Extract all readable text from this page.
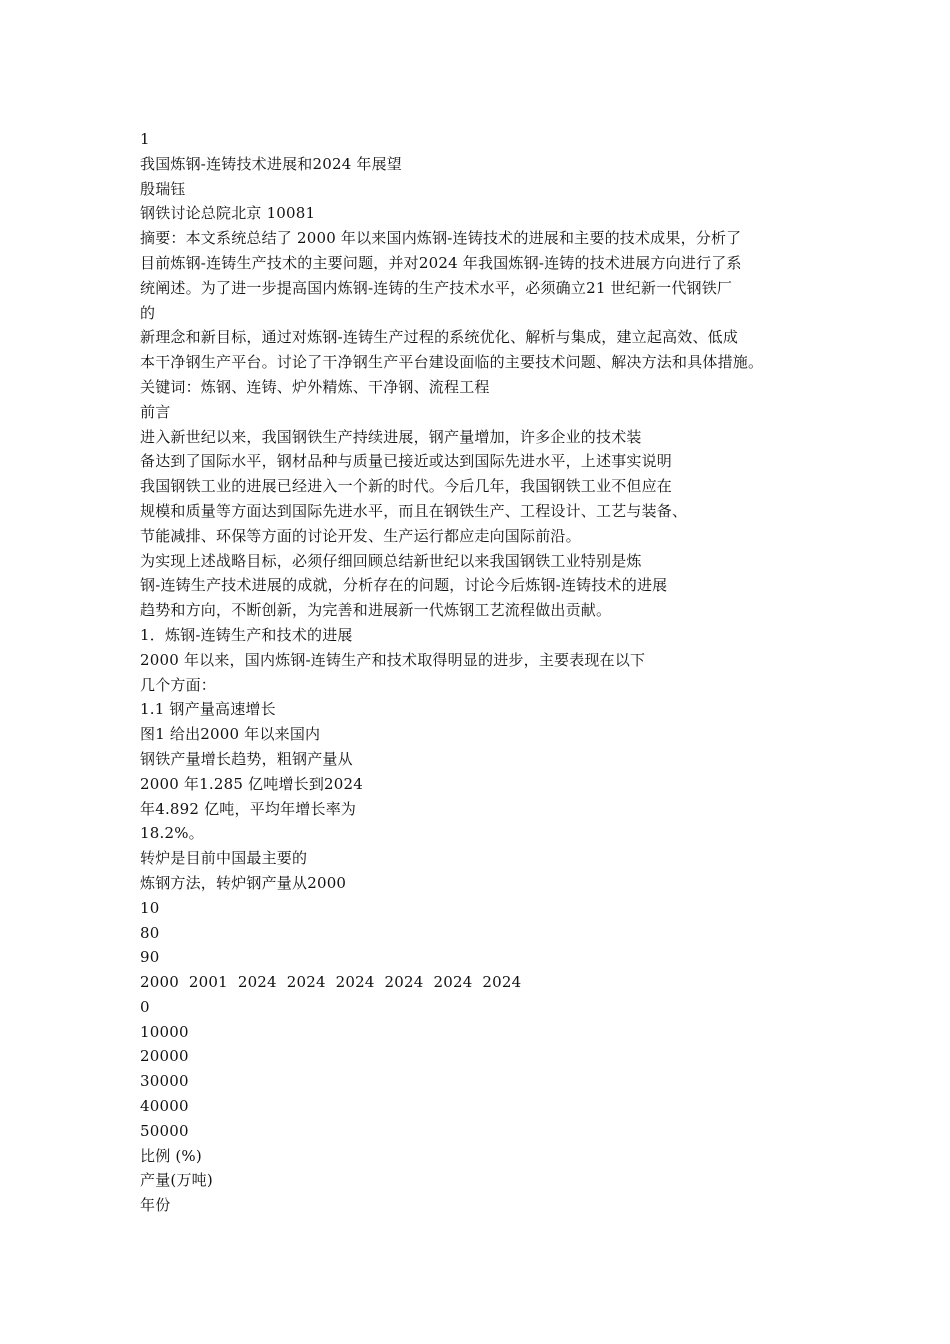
1
我国炼钢-连铸技术进展和2024 年展望
殷瑞钰
钢铁讨论总院北京 10081
摘要：本文系统总结了 2000 年以来国内炼钢-连铸技术的进展和主要的技术成果，分析了
目前炼钢-连铸生产技术的主要问题，并对2024 年我国炼钢-连铸的技术进展方向进行了系
统阐述。为了进一步提高国内炼钢-连铸的生产技术水平，必须确立21 世纪新一代钢铁厂
的
新理念和新目标，通过对炼钢-连铸生产过程的系统优化、解析与集成，建立起高效、低成
本干净钢生产平台。讨论了干净钢生产平台建设面临的主要技术问题、解决方法和具体措施。
关键词：炼钢、连铸、炉外精炼、干净钢、流程工程
前言
进入新世纪以来，我国钢铁生产持续进展，钢产量增加，许多企业的技术装
备达到了国际水平，钢材品种与质量已接近或达到国际先进水平，上述事实说明
我国钢铁工业的进展已经进入一个新的时代。今后几年，我国钢铁工业不但应在
规模和质量等方面达到国际先进水平，而且在钢铁生产、工程设计、工艺与装备、
节能减排、环保等方面的讨论开发、生产运行都应走向国际前沿。
为实现上述战略目标，必须仔细回顾总结新世纪以来我国钢铁工业特别是炼
钢-连铸生产技术进展的成就，分析存在的问题，讨论今后炼钢-连铸技术的进展
趋势和方向，不断创新，为完善和进展新一代炼钢工艺流程做出贡献。
1．炼钢-连铸生产和技术的进展
2000 年以来，国内炼钢-连铸生产和技术取得明显的进步，主要表现在以下
几个方面：
1.1 钢产量高速增长
图1 给出2000 年以来国内
钢铁产量增长趋势，粗钢产量从
2000 年1.285 亿吨增长到2024
年4.892 亿吨，平均年增长率为
18.2%。
转炉是目前中国最主要的
炼钢方法，转炉钢产量从2000
10
80
90
2000  2001  2024  2024  2024  2024  2024  2024
0
10000
20000
30000
40000
50000
比例 (%)
产量(万吨)
年份
